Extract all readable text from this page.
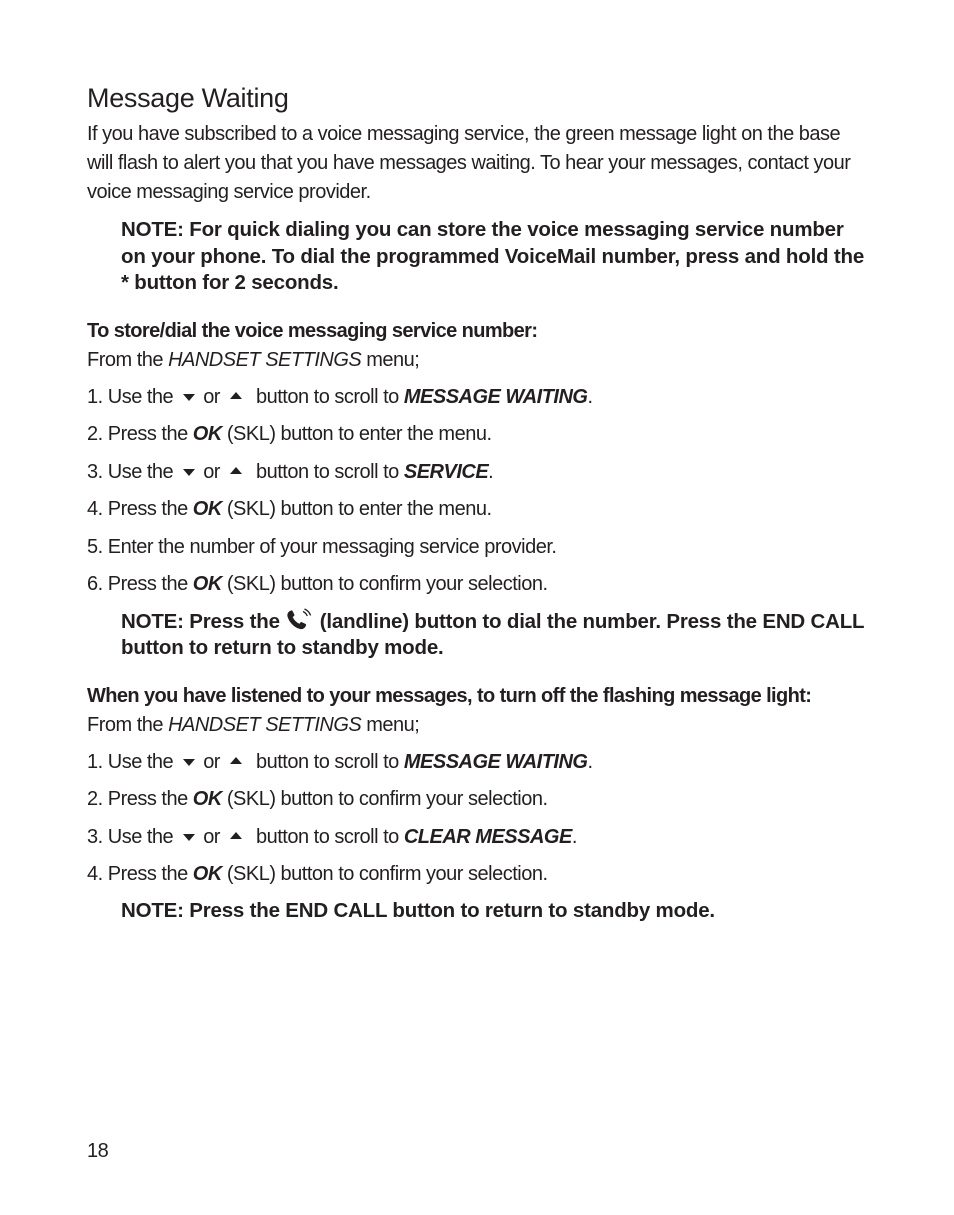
Message Waiting

If you have subscribed to a voice messaging service, the green message light on the base will flash to alert you that you have messages waiting. To hear your messages, contact your voice messaging service provider.

NOTE: For quick dialing you can store the voice messaging service number on your phone. To dial the programmed VoiceMail number, press and hold the * button for 2 seconds.

To store/dial the voice messaging service number:
From the HANDSET SETTINGS menu;
1. Use the or button to scroll to MESSAGE WAITING.
2. Press the OK (SKL) button to enter the menu.
3. Use the or button to scroll to SERVICE.
4. Press the OK (SKL) button to enter the menu.
5. Enter the number of your messaging service provider.
6. Press the OK (SKL) button to confirm your selection.

NOTE: Press the (landline) button to dial the number. Press the END CALL button to return to standby mode.

When you have listened to your messages, to turn off the flashing message light:
From the HANDSET SETTINGS menu;
1. Use the or button to scroll to MESSAGE WAITING.
2. Press the OK (SKL) button to confirm your selection.
3. Use the or button to scroll to CLEAR MESSAGE.
4. Press the OK (SKL) button to confirm your selection.

NOTE: Press the END CALL button to return to standby mode.

18
